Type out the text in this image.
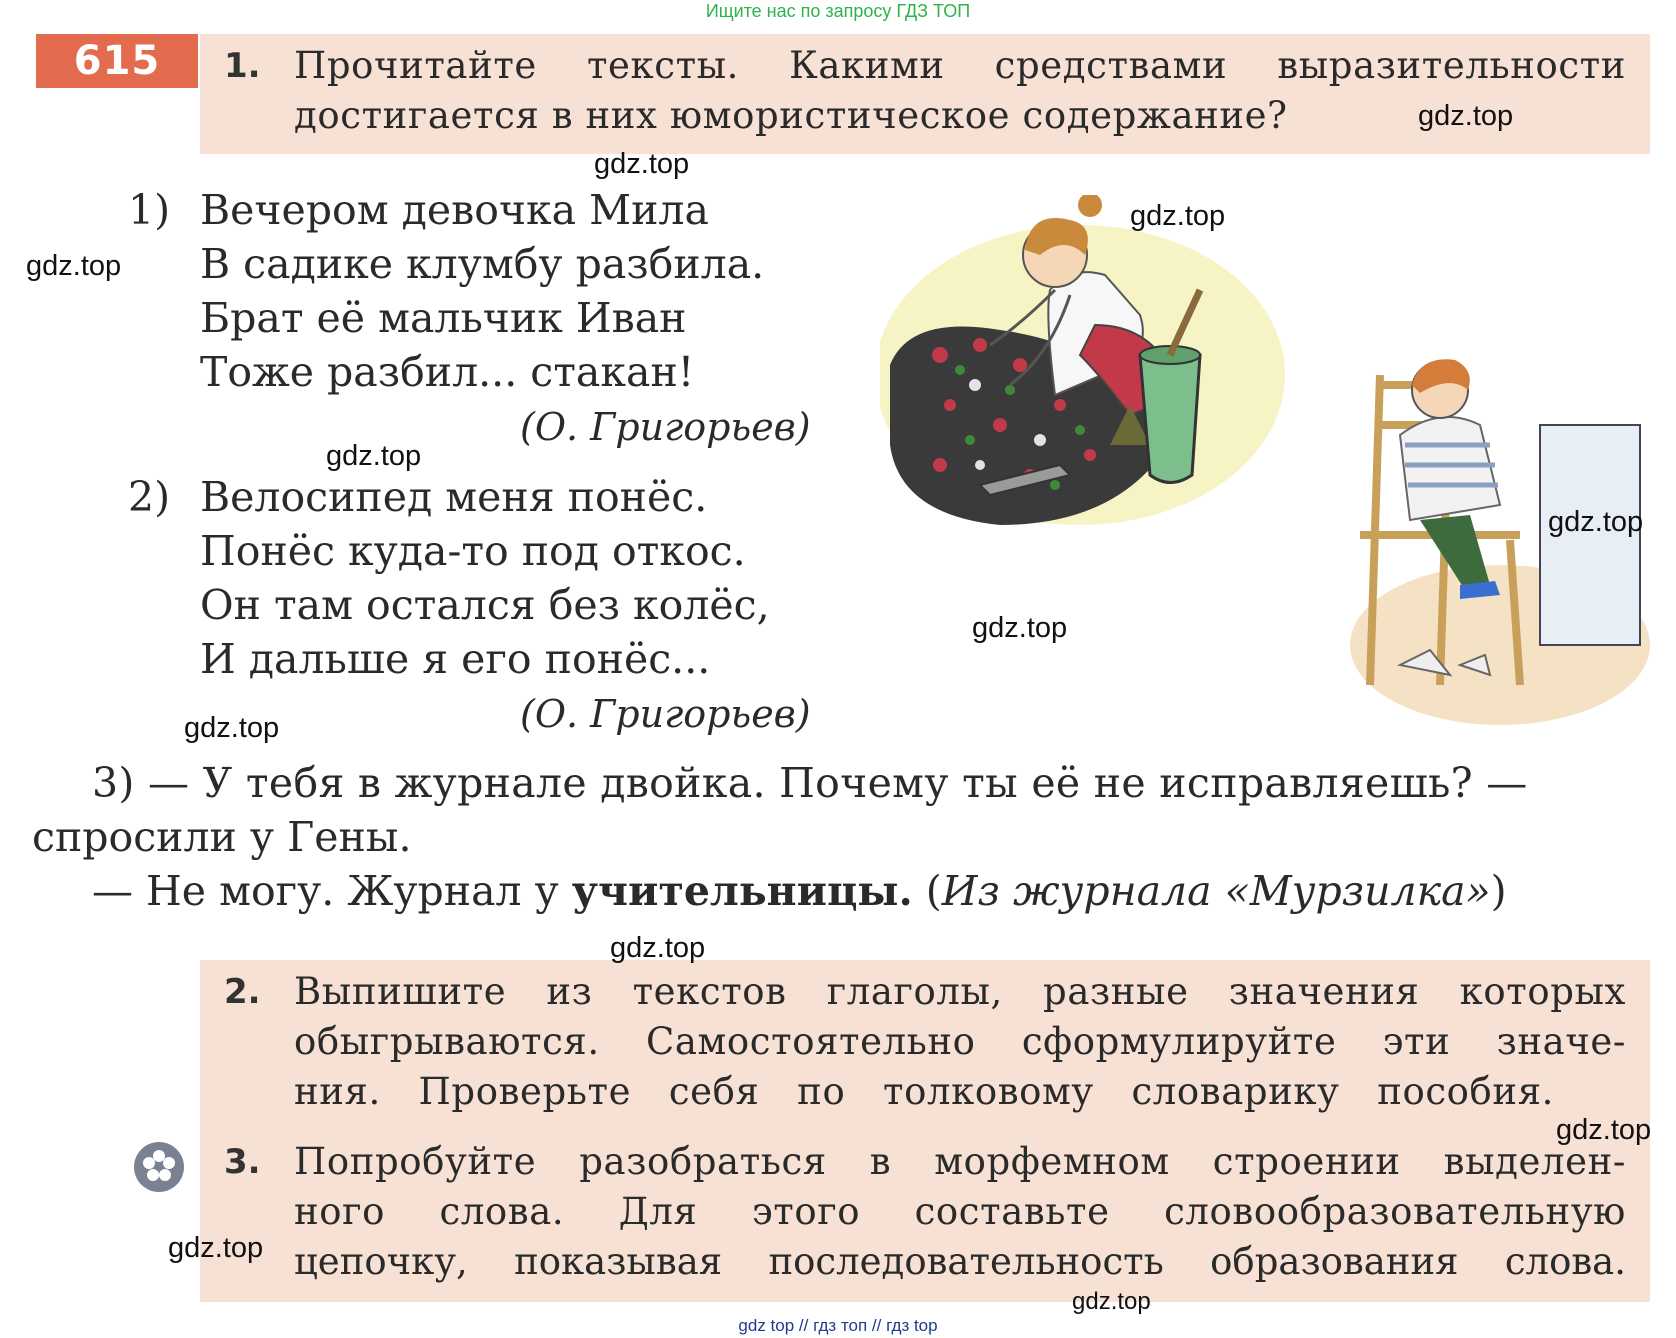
Ищите нас по запросу ГДЗ ТОП
gdz top // гдз топ // гдз top
615	1. Прочитайте тексты. Какими средствами выразительности
достигается в них юмористическое содержание?
1) Вечером девочка Мила
В садике клумбу разбила.
Брат её мальчик Иван
Тоже разбил... стакан!
(О. Григорьев)
2) Велосипед меня понёс.
Понёс куда-то под откос.
Он там остался без колёс,
И дальше я его понёс...
(О. Григорьев)
3) — У тебя в журнале двойка. Почему ты её не исправляешь? —
спросили у Гены.
— Не могу. Журнал у учительницы. (Из журнала «Мурзилка»)
2. Выпишите из текстов глаголы, разные значения которых
обыгрываются. Самостоятельно сформулируйте эти значе-
ния. Проверьте себя по толковому словарику пособия.
3. Попробуйте разобраться в морфемном строении выделен-
ного слова. Для этого составьте словообразовательную
цепочку, показывая последовательность образования слова.
gdz.top
gdz.top
gdz.top
gdz.top
gdz.top
gdz.top
gdz.top
gdz.top
gdz.top
gdz.top
gdz.top
gdz.top
